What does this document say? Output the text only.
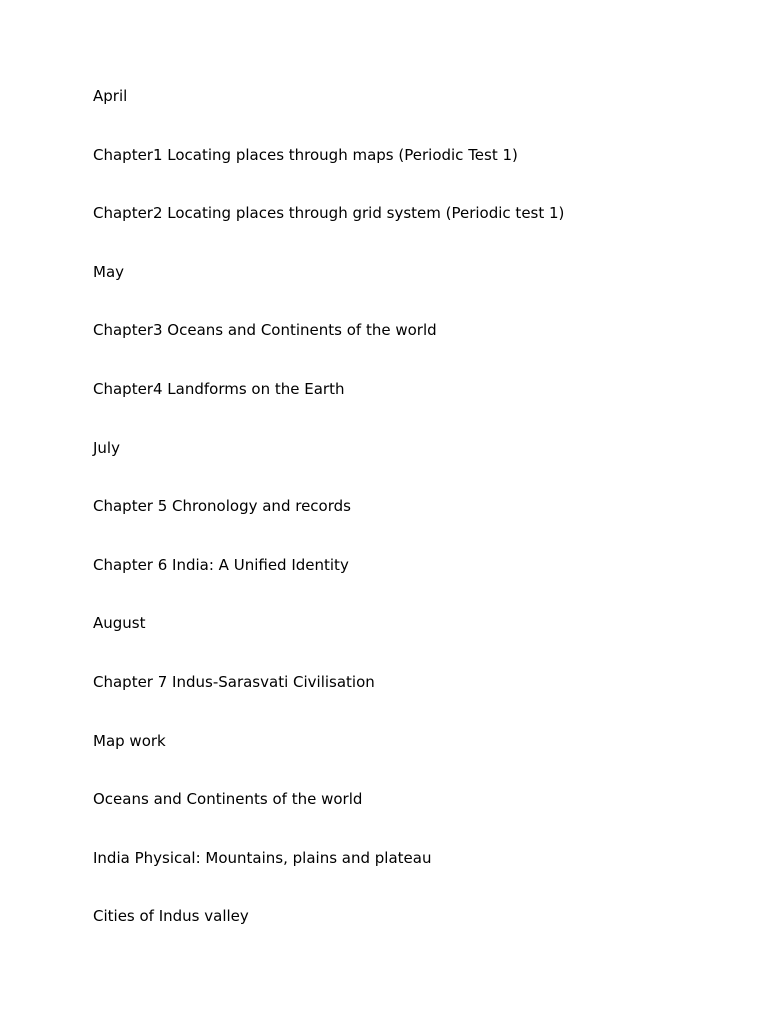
April
Chapter1 Locating places through maps (Periodic Test 1)
Chapter2 Locating places through grid system (Periodic test 1)
May
Chapter3 Oceans and Continents of the world
Chapter4 Landforms on the Earth
July
Chapter 5 Chronology and records
Chapter 6 India: A Unified Identity
August
Chapter 7 Indus-Sarasvati Civilisation
Map work
Oceans and Continents of the world
India Physical: Mountains, plains and plateau
Cities of Indus valley
